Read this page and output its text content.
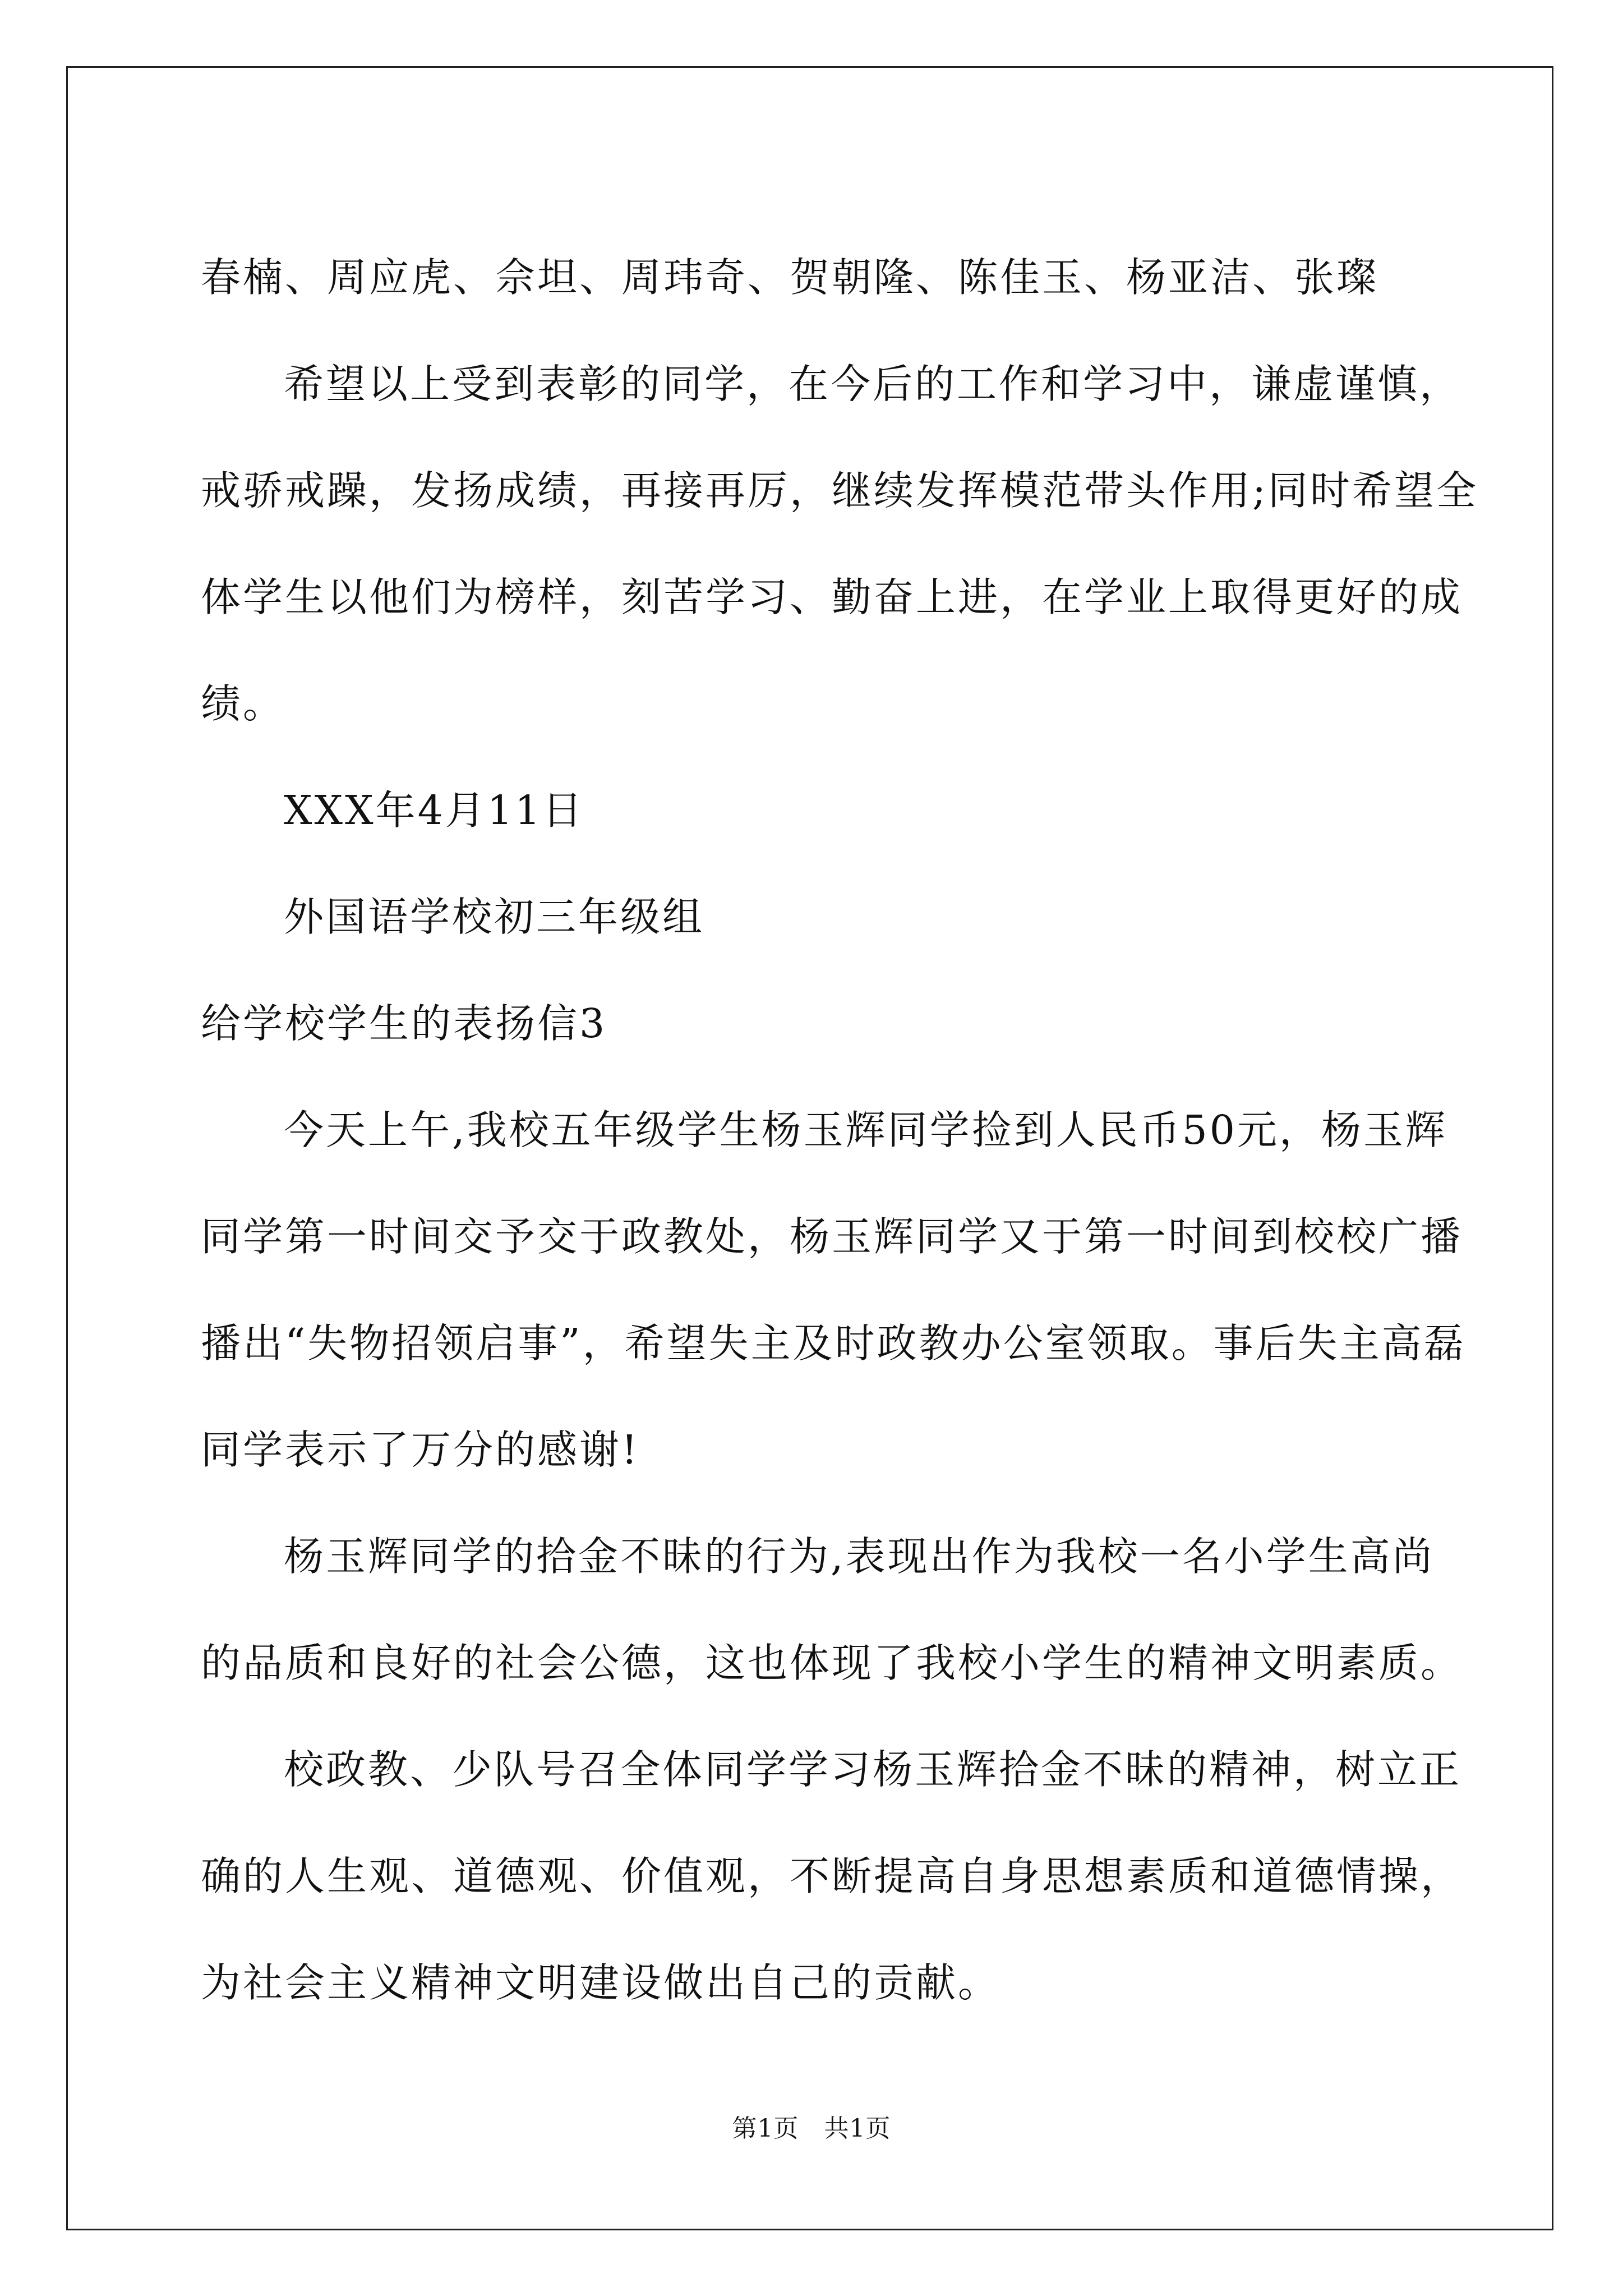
春楠、周应虎、佘坦、周玮奇、贺朝隆、陈佳玉、杨亚洁、张璨
希望以上受到表彰的同学，在今后的工作和学习中，谦虚谨慎，
戒骄戒躁，发扬成绩，再接再厉，继续发挥模范带头作用;同时希望全
体学生以他们为榜样，刻苦学习、勤奋上进，在学业上取得更好的成
绩。
XXX年4月11日
外国语学校初三年级组
给学校学生的表扬信3
今天上午,我校五年级学生杨玉辉同学捡到人民币50元，杨玉辉
同学第一时间交予交于政教处，杨玉辉同学又于第一时间到校校广播
播出“失物招领启事”，希望失主及时政教办公室领取。事后失主高磊
同学表示了万分的感谢!
杨玉辉同学的拾金不昧的行为,表现出作为我校一名小学生高尚
的品质和良好的社会公德，这也体现了我校小学生的精神文明素质。
校政教、少队号召全体同学学习杨玉辉拾金不昧的精神，树立正
确的人生观、道德观、价值观，不断提高自身思想素质和道德情操，
为社会主义精神文明建设做出自己的贡献。
第1页   共1页
